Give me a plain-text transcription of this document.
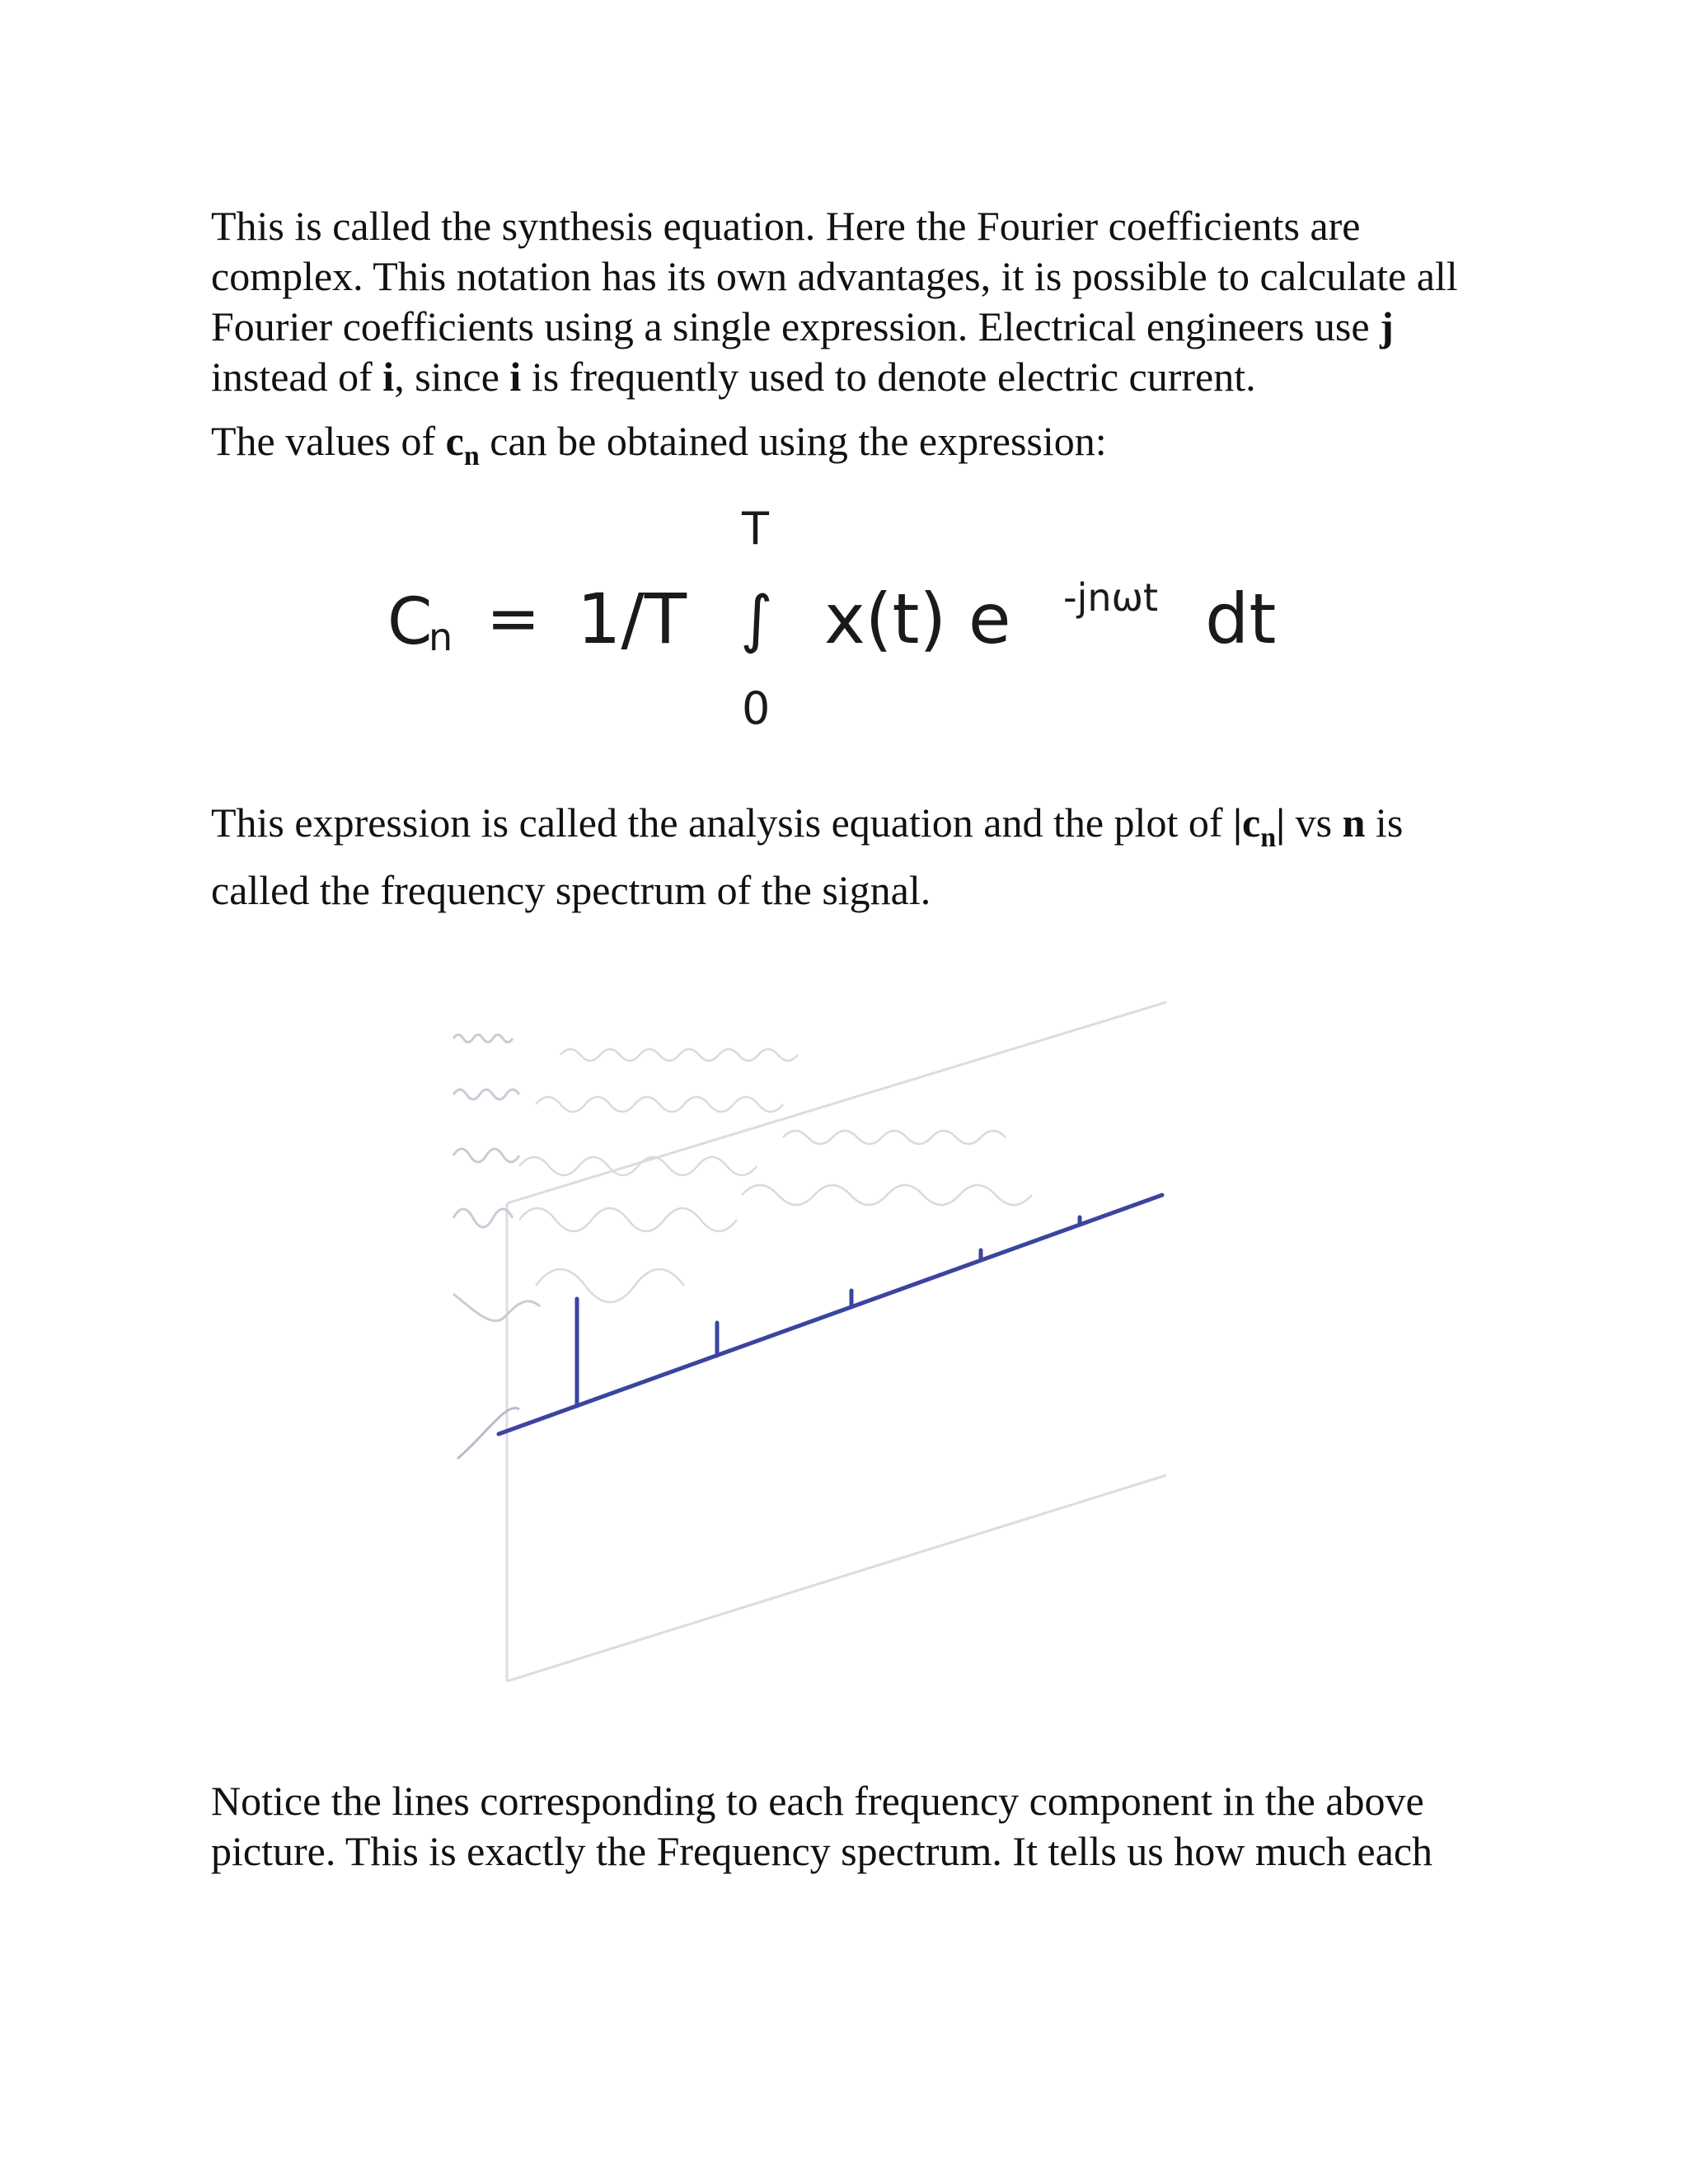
This is called the synthesis equation. Here the Fourier coefficients are complex. This notation has its own advantages, it is possible to calculate all Fourier coefficients using a single expression. Electrical engineers use j
instead of i, since i is frequently used to denote electric current.

The values of $c_n$ can be obtained using the expression:

C
n = 1/T
T
∫
0
x(t) e -jnωt dt

This expression is called the analysis equation and the plot of $|c_n|$ vs n is called the frequency spectrum of the signal.

Notice the lines corresponding to each frequency component in the above picture. This is exactly the Frequency spectrum. It tells us how much each
